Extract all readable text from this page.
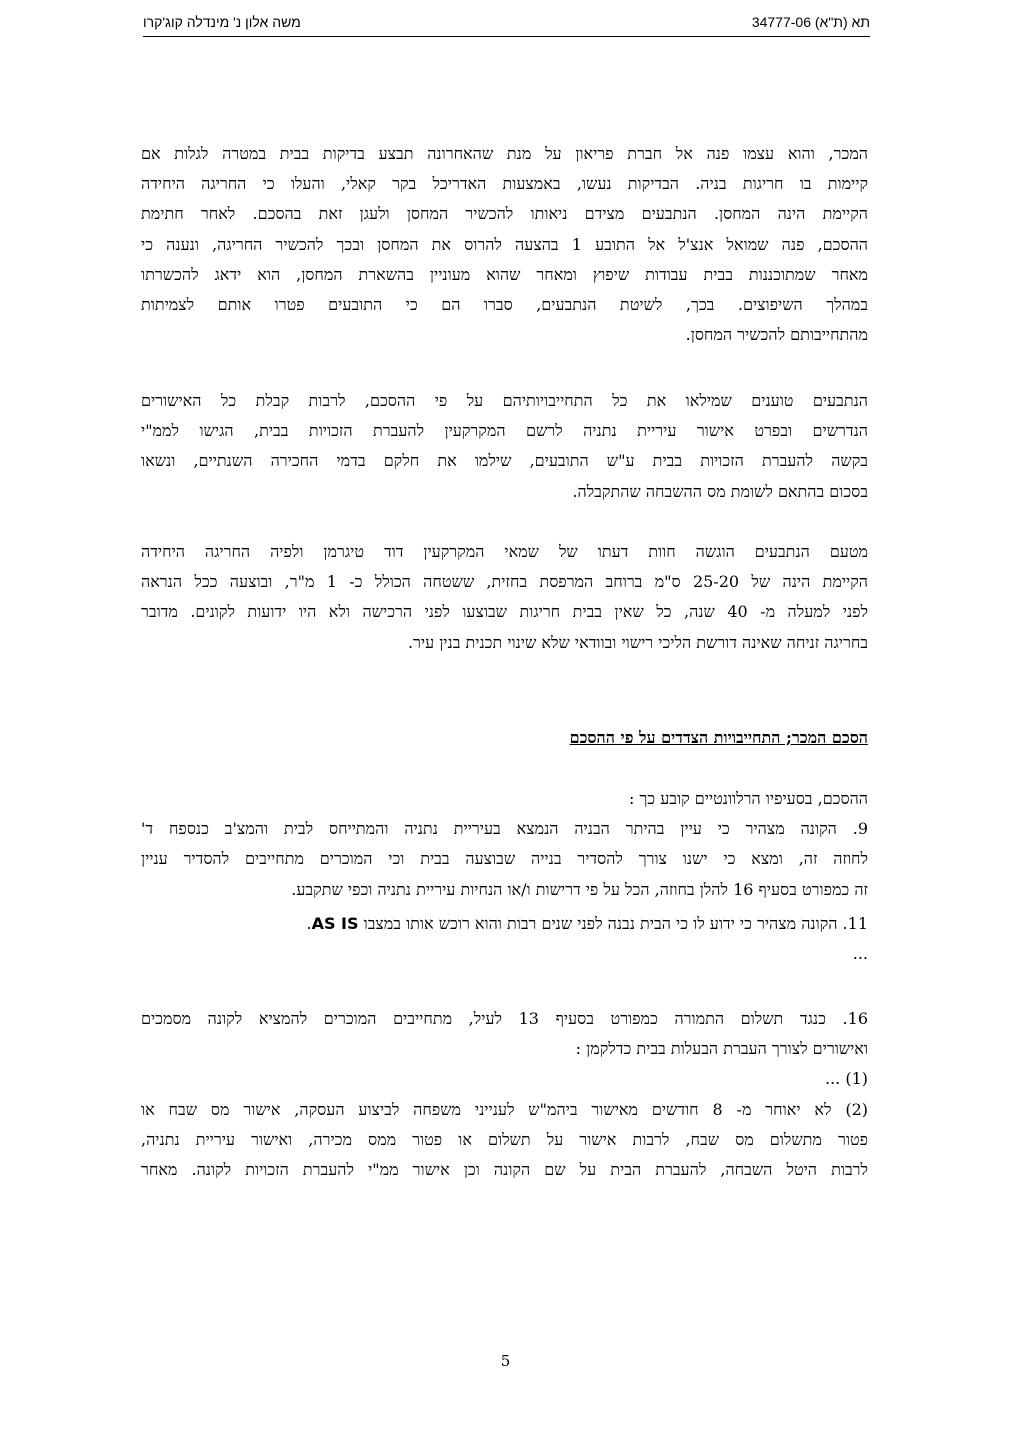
תא (ת"א) 34777-06
משה אלון נ' מינדלה קוג'קרו
המכר, והוא עצמו פנה אל חברת פריאון על מנת שהאחרונה תבצע בדיקות בבית במטרה לגלות אם
קיימות בו חריגות בניה. הבדיקות נעשו, באמצעות האדריכל בקר קאלי, והעלו כי החריגה היחידה
הקיימת הינה המחסן. הנתבעים מצידם ניאותו להכשיר המחסן ולעגן זאת בהסכם. לאחר חתימת
ההסכם, פנה שמואל אנצ'ל אל התובע 1 בהצעה להרוס את המחסן ובכך להכשיר החריגה, ונענה כי
מאחר שמתוכננות בבית עבודות שיפוץ ומאחר שהוא מעוניין בהשארת המחסן, הוא ידאג להכשרתו
במהלך השיפוצים. בכך, לשיטת הנתבעים, סברו הם כי התובעים פטרו אותם לצמיתות
מהתחייבותם להכשיר המחסן.
הנתבעים טוענים שמילאו את כל התחייבויותיהם על פי ההסכם, לרבות קבלת כל האישורים
הנדרשים ובפרט אישור עיריית נתניה לרשם המקרקעין להעברת הזכויות בבית, הגישו לממ"י
בקשה להעברת הזכויות בבית ע"ש התובעים, שילמו את חלקם בדמי החכירה השנתיים, ונשאו
בסכום בהתאם לשומת מס ההשבחה שהתקבלה.
מטעם הנתבעים הוגשה חוות דעתו של שמאי המקרקעין דוד טיגרמן ולפיה החריגה היחידה
הקיימת הינה של 25-20 ס"מ ברוחב המרפסת בחזית, ששטחה הכולל כ- 1 מ"ר, ובוצעה ככל הנראה
לפני למעלה מ- 40 שנה, כל שאין בבית חריגות שבוצעו לפני הרכישה ולא היו ידועות לקונים. מדובר
בחריגה זניחה שאינה דורשת הליכי רישוי ובוודאי שלא שינוי תכנית בנין עיר.
הסכם המכר; התחייבויות הצדדים על פי ההסכם
ההסכם, בסעיפיו הרלוונטיים קובע כך :
9. הקונה מצהיר כי עיין בהיתר הבניה הנמצא בעיריית נתניה והמתייחס לבית והמצ'ב כנספח ד'
לחוזה זה, ומצא כי ישנו צורך להסדיר בנייה שבוצעה בבית וכי המוכרים מתחייבים להסדיר עניין
זה כמפורט בסעיף 16 להלן בחוזה, הכל על פי דרישות ו/או הנחיות עיריית נתניה וכפי שתקבע.
11. הקונה מצהיר כי ידוע לו כי הבית נבנה לפני שנים רבות והוא רוכש אותו במצבו AS IS.
...
16. כנגד תשלום התמורה כמפורט בסעיף 13 לעיל, מתחייבים המוכרים להמציא לקונה מסמכים
ואישורים לצורך העברת הבעלות בבית כדלקמן :
(1) ...
(2) לא יאוחר מ- 8 חודשים מאישור ביהמ"ש לענייני משפחה לביצוע העסקה, אישור מס שבח או
פטור מתשלום מס שבח, לרבות אישור על תשלום או פטור ממס מכירה, ואישור עיריית נתניה,
לרבות היטל השבחה, להעברת הבית על שם הקונה וכן אישור ממ"י להעברת הזכויות לקונה. מאחר
5
